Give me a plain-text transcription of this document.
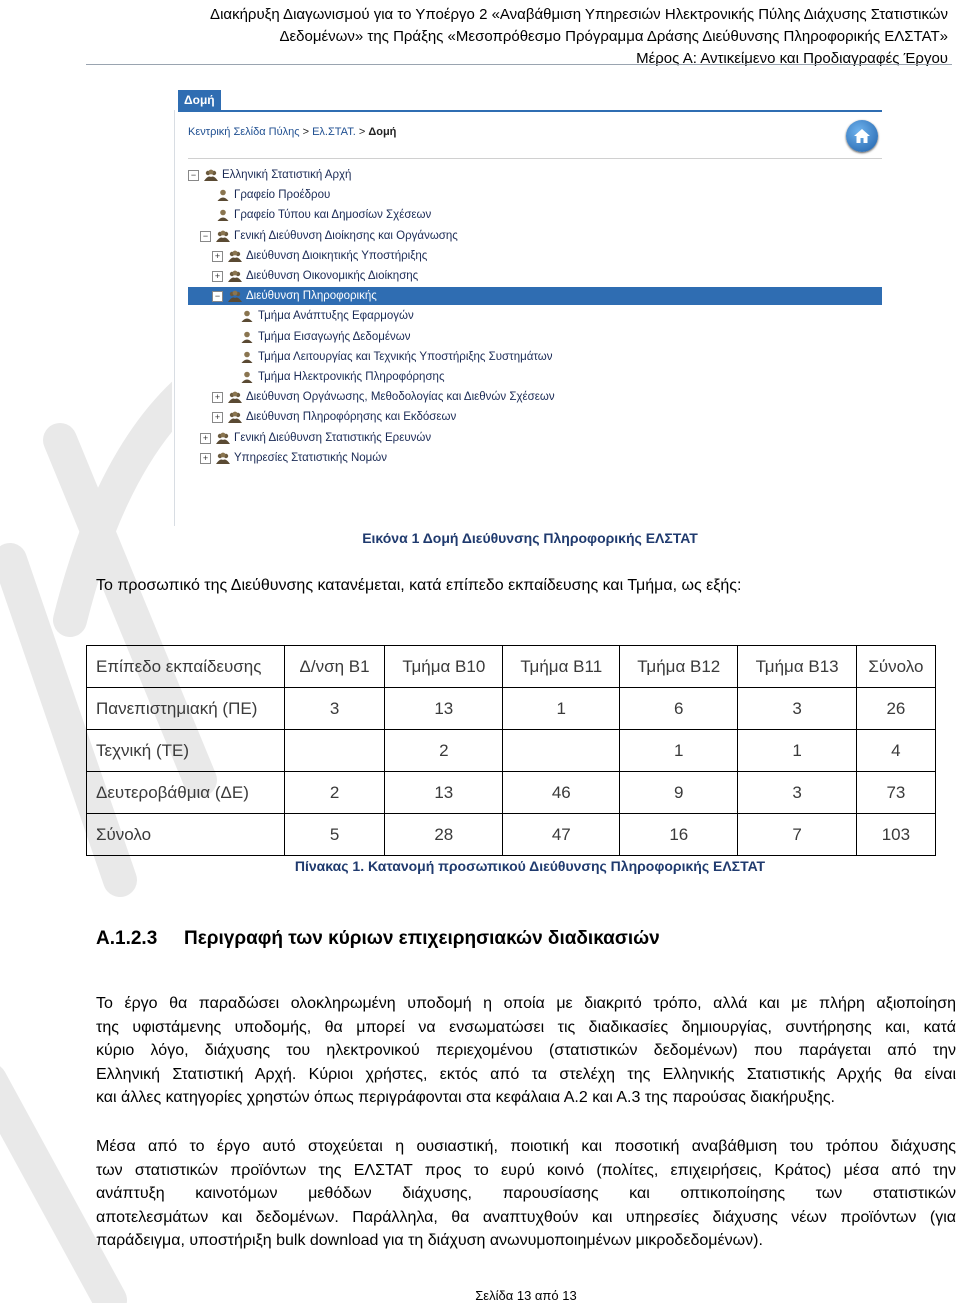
Διακήρυξη Διαγωνισμού για το Υποέργο 2 «Αναβάθμιση Υπηρεσιών Ηλεκτρονικής Πύλης Διάχυσης Στατιστικών
Δεδομένων» της Πράξης «Μεσοπρόθεσμο Πρόγραμμα Δράσης Διεύθυνσης Πληροφορικής ΕΛΣΤΑΤ»
Μέρος Α: Αντικείμενο και Προδιαγραφές Έργου
Δομή
Κεντρική Σελίδα Πύλης > Ελ.ΣΤΑΤ. > Δομή
− Ελληνική Στατιστική Αρχή
Γραφείο Προέδρου
Γραφείο Τύπου και Δημοσίων Σχέσεων
− Γενική Διεύθυνση Διοίκησης και Οργάνωσης
+ Διεύθυνση Διοικητικής Υποστήριξης
+ Διεύθυνση Οικονομικής Διοίκησης
− Διεύθυνση Πληροφορικής
Τμήμα Ανάπτυξης Εφαρμογών
Τμήμα Εισαγωγής Δεδομένων
Τμήμα Λειτουργίας και Τεχνικής Υποστήριξης Συστημάτων
Τμήμα Ηλεκτρονικής Πληροφόρησης
+ Διεύθυνση Οργάνωσης, Μεθοδολογίας και Διεθνών Σχέσεων
+ Διεύθυνση Πληροφόρησης και Εκδόσεων
+ Γενική Διεύθυνση Στατιστικής Ερευνών
+ Υπηρεσίες Στατιστικής Νομών
Εικόνα 1 Δομή Διεύθυνσης Πληροφορικής ΕΛΣΤΑΤ
Το προσωπικό της Διεύθυνσης κατανέμεται, κατά επίπεδο εκπαίδευσης και Τμήμα, ως εξής:
Επίπεδο εκπαίδευσης	Δ/νση Β1	Τμήμα Β10	Τμήμα Β11	Τμήμα Β12	Τμήμα Β13	Σύνολο
Πανεπιστημιακή (ΠΕ)	3	13	1	6	3	26
Τεχνική (ΤΕ)		2		1	1	4
Δευτεροβάθμια (ΔΕ)	2	13	46	9	3	73
Σύνολο	5	28	47	16	7	103
Πίνακας 1. Κατανομή προσωπικού Διεύθυνσης Πληροφορικής ΕΛΣΤΑΤ
Α.1.2.3 Περιγραφή των κύριων επιχειρησιακών διαδικασιών
Το έργο θα παραδώσει ολοκληρωμένη υποδομή η οποία με διακριτό τρόπο, αλλά και με πλήρη αξιοποίηση
της υφιστάμενης υποδομής, θα μπορεί να ενσωματώσει τις διαδικασίες δημιουργίας, συντήρησης και, κατά
κύριο λόγο, διάχυσης του ηλεκτρονικού περιεχομένου (στατιστικών δεδομένων) που παράγεται από την
Ελληνική Στατιστική Αρχή. Κύριοι χρήστες, εκτός από τα στελέχη της Ελληνικής Στατιστικής Αρχής θα είναι
και άλλες κατηγορίες χρηστών όπως περιγράφονται στα κεφάλαια Α.2 και Α.3 της παρούσας διακήρυξης.
Μέσα από το έργο αυτό στοχεύεται η ουσιαστική, ποιοτική και ποσοτική αναβάθμιση του τρόπου διάχυσης
των στατιστικών προϊόντων της ΕΛΣΤΑΤ προς το ευρύ κοινό (πολίτες, επιχειρήσεις, Κράτος) μέσα από την
ανάπτυξη καινοτόμων μεθόδων διάχυσης, παρουσίασης και οπτικοποίησης των στατιστικών
αποτελεσμάτων και δεδομένων. Παράλληλα, θα αναπτυχθούν και υπηρεσίες διάχυσης νέων προϊόντων (για
παράδειγμα, υποστήριξη bulk download για τη διάχυση ανωνυμοποιημένων μικροδεδομένων).
Σελίδα 13 από 13
